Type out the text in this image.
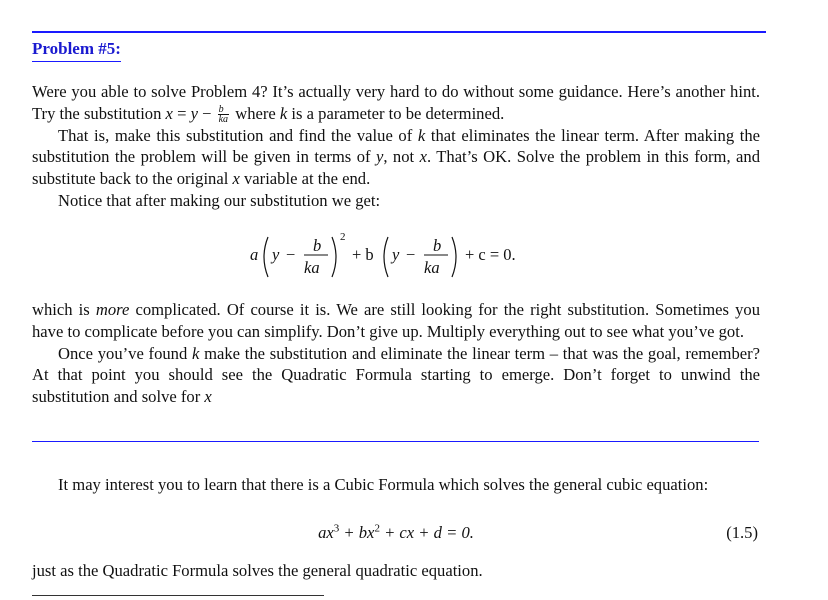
Problem #5:

Were you able to solve Problem 4? It’s actually very hard to do without some guidance. Here’s another hint. Try the substitution $x = y - \frac{b}{ka}$ where k is a parameter to be determined.

That is, make this substitution and find the value of k that eliminates the linear term. After making the substitution the problem will be given in terms of y, not x. That’s OK. Solve the problem in this form, and substitute back to the original x variable at the end.

Notice that after making our substitution we get:

a y − b
ka
2
+ b y − b
ka
+ c = 0.

which is more complicated. Of course it is. We are still looking for the right substitution. Sometimes you have to complicate before you can simplify. Don’t give up. Multiply everything out to see what you’ve got.

Once you’ve found k make the substitution and eliminate the linear term – that was the goal, remember? At that point you should see the Quadratic Formula starting to emerge. Don’t forget to unwind the substitution and solve for x

It may interest you to learn that there is a Cubic Formula which solves the general cubic equation:

$ax^3 + bx^2$ + cx + d = 0.	(1.5)

just as the Quadratic Formula solves the general quadratic equation.
